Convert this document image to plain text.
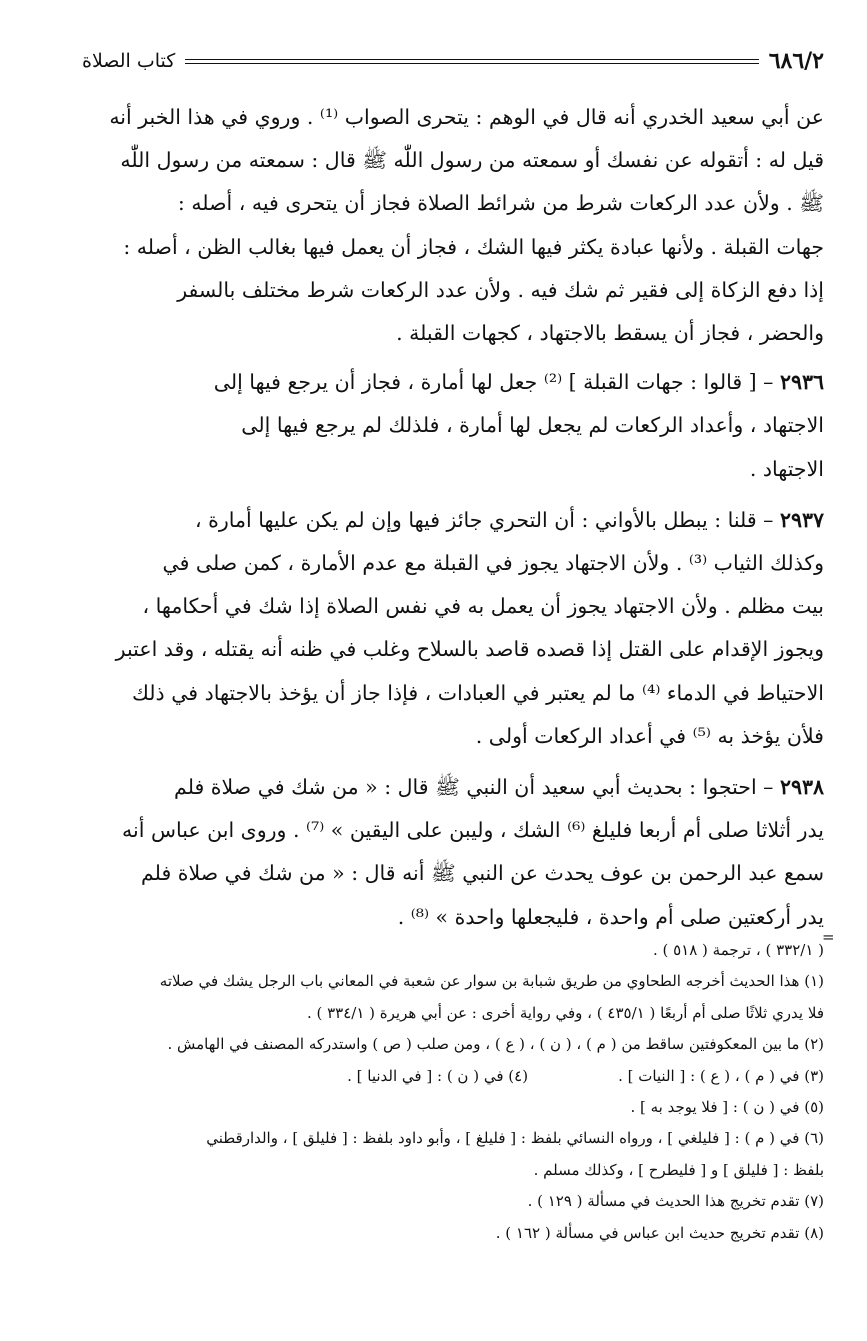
٦٨٦/٢
كتاب الصلاة
عن أبي سعيد الخدري أنه قال في الوهم : يتحرى الصواب ⁽¹⁾ . وروي في هذا الخبر أنه
قيل له : أتقوله عن نفسك أو سمعته من رسول اللّٰه ﷺ قال : سمعته من رسول اللّٰه
ﷺ . ولأن عدد الركعات شرط من شرائط الصلاة فجاز أن يتحرى فيه ، أصله :
جهات القبلة . ولأنها عبادة يكثر فيها الشك ، فجاز أن يعمل فيها بغالب الظن ، أصله :
إذا دفع الزكاة إلى فقير ثم شك فيه . ولأن عدد الركعات شرط مختلف بالسفر
والحضر ، فجاز أن يسقط بالاجتهاد ، كجهات القبلة .
٢٩٣٦ – [ قالوا : جهات القبلة ] ⁽²⁾ جعل لها أمارة ، فجاز أن يرجع فيها إلى
الاجتهاد ، وأعداد الركعات لم يجعل لها أمارة ، فلذلك لم يرجع فيها إلى
الاجتهاد .
٢٩٣٧ – قلنا : يبطل بالأواني : أن التحري جائز فيها وإن لم يكن عليها أمارة ،
وكذلك الثياب ⁽³⁾ . ولأن الاجتهاد يجوز في القبلة مع عدم الأمارة ، كمن صلى في
بيت مظلم . ولأن الاجتهاد يجوز أن يعمل به في نفس الصلاة إذا شك في أحكامها ،
ويجوز الإقدام على القتل إذا قصده قاصد بالسلاح وغلب في ظنه أنه يقتله ، وقد اعتبر
الاحتياط في الدماء ⁽⁴⁾ ما لم يعتبر في العبادات ، فإذا جاز أن يؤخذ بالاجتهاد في ذلك
فلأن يؤخذ به ⁽⁵⁾ في أعداد الركعات أولى .
٢٩٣٨ – احتجوا : بحديث أبي سعيد أن النبي ﷺ قال : « من شك في صلاة فلم
يدر أثلاثا صلى أم أربعا فليلغ ⁽⁶⁾ الشك ، وليبن على اليقين » ⁽⁷⁾ . وروى ابن عباس أنه
سمع عبد الرحمن بن عوف يحدث عن النبي ﷺ أنه قال : « من شك في صلاة فلم
يدر أركعتين صلى أم واحدة ، فليجعلها واحدة » ⁽⁸⁾ .
=
( ٣٣٢/١ ) ، ترجمة ( ٥١٨ ) .
(١) هذا الحديث أخرجه الطحاوي من طريق شبابة بن سوار عن شعبة في المعاني باب الرجل يشك في صلاته
فلا يدري ثلاثًا صلى أم أربعًا ( ٤٣٥/١ ) ، وفي رواية أخرى : عن أبي هريرة ( ٣٣٤/١ ) .
(٢) ما بين المعكوفتين ساقط من ( م ) ، ( ن ) ، ( ع ) ، ومن صلب ( ص ) واستدركه المصنف في الهامش .
(٣) في ( م ) ، ( ع ) : [ النيات ] .
(٤) في ( ن ) : [ في الدنيا ] .
(٥) في ( ن ) : [ فلا يوجد به ] .
(٦) في ( م ) : [ فليلغي ] ، ورواه النسائي بلفظ : [ فليلغ ] ، وأبو داود بلفظ : [ فليلق ] ، والدارقطني
بلفظ : [ فليلق ] و [ فليطرح ] ، وكذلك مسلم .
(٧) تقدم تخريج هذا الحديث في مسألة ( ١٢٩ ) .
(٨) تقدم تخريج حديث ابن عباس في مسألة ( ١٦٢ ) .
